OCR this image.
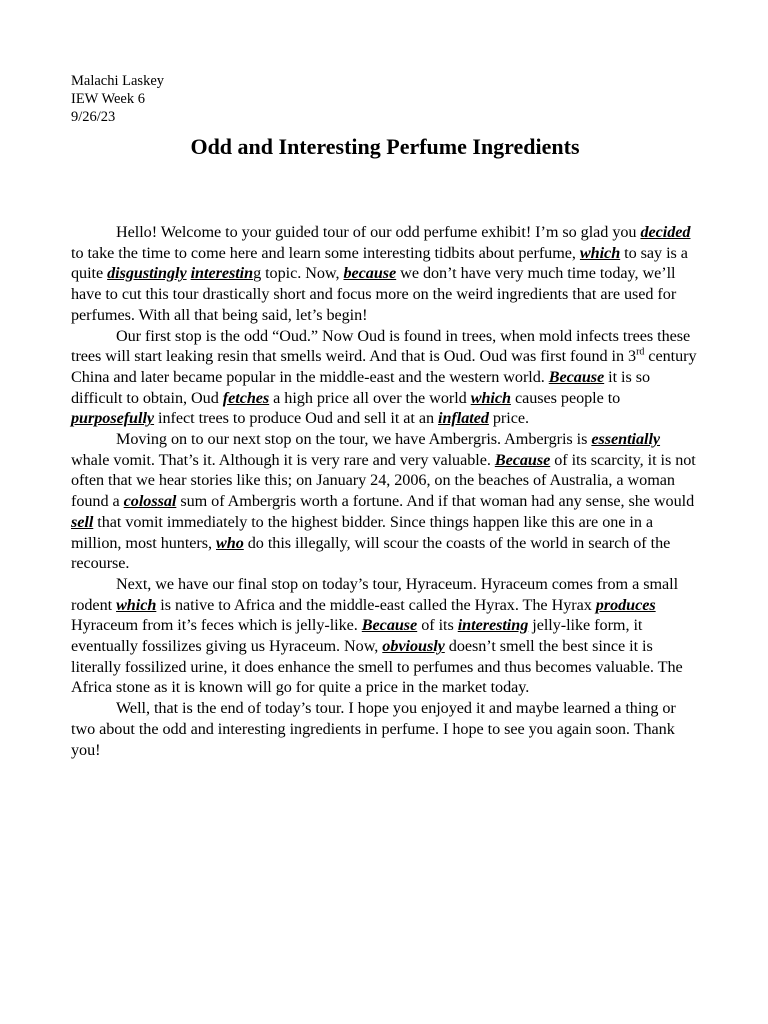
Malachi Laskey

IEW Week 6

9/26/23

Odd and Interesting Perfume Ingredients

Hello! Welcome to your guided tour of our odd perfume exhibit! I’m so glad you decided to take the time to come here and learn some interesting tidbits about perfume, which to say is a quite disgustingly interesting topic. Now, because we don’t have very much time today, we’ll have to cut this tour drastically short and focus more on the weird ingredients that are used for perfumes. With all that being said, let’s begin!

Our first stop is the odd “Oud.” Now Oud is found in trees, when mold infects trees these trees will start leaking resin that smells weird. And that is Oud. Oud was first found in 3rd century China and later became popular in the middle-east and the western world. Because it is so difficult to obtain, Oud fetches a high price all over the world which causes people to purposefully infect trees to produce Oud and sell it at an inflated price.

Moving on to our next stop on the tour, we have Ambergris. Ambergris is essentially whale vomit. That’s it. Although it is very rare and very valuable. Because of its scarcity, it is not often that we hear stories like this; on January 24, 2006, on the beaches of Australia, a woman found a colossal sum of Ambergris worth a fortune. And if that woman had any sense, she would sell that vomit immediately to the highest bidder. Since things happen like this are one in a million, most hunters, who do this illegally, will scour the coasts of the world in search of the recourse.

Next, we have our final stop on today’s tour, Hyraceum. Hyraceum comes from a small rodent which is native to Africa and the middle-east called the Hyrax. The Hyrax produces Hyraceum from it’s feces which is jelly-like. Because of its interesting jelly-like form, it eventually fossilizes giving us Hyraceum. Now, obviously doesn’t smell the best since it is literally fossilized urine, it does enhance the smell to perfumes and thus becomes valuable. The Africa stone as it is known will go for quite a price in the market today.

Well, that is the end of today’s tour. I hope you enjoyed it and maybe learned a thing or two about the odd and interesting ingredients in perfume. I hope to see you again soon. Thank you!
